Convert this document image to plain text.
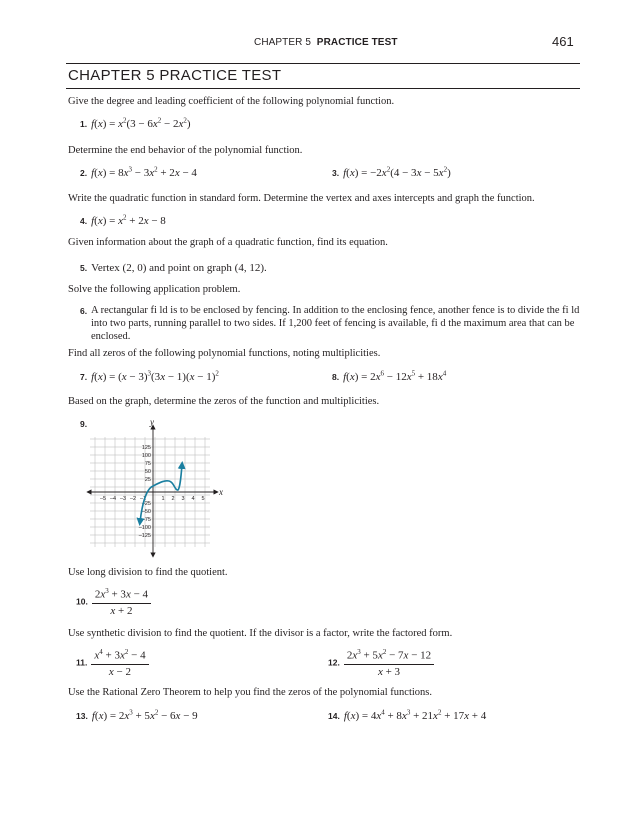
CHAPTER 5 PRACTICE TEST	461
CHAPTER 5 PRACTICE TEST
Give the degree and leading coefficient of the following polynomial function.
1. $f(x) = x^2(3 - 6x^2 - 2x^2)$
Determine the end behavior of the polynomial function.
2. $f(x) = 8x^3 - 3x^2 + 2x - 4$	3. $f(x) = -2x^2(4 - 3x - 5x^2)$
Write the quadratic function in standard form. Determine the vertex and axes intercepts and graph the function.
4. $f(x) = x^2 + 2x - 8$
Given information about the graph of a quadratic function, find its equation.
5. Vertex (2, 0) and point on graph (4, 12).
Solve the following application problem.
6. A rectangular fi ld is to be enclosed by fencing. In addition to the enclosing fence, another fence is to divide the fi ld into two parts, running parallel to two sides. If 1,200 feet of fencing is available, fi d the maximum area that can be enclosed.
Find all zeros of the following polynomial functions, noting multiplicities.
7. $f(x) = (x - 3)^3(3x - 1)(x - 1)^2$	8. $f(x) = 2x^6 - 12x^5 + 18x^4$
Based on the graph, determine the zeros of the function and multiplicities.
9.
x
y
125
100
75
50
25
–25
–50
–75
–100
–125
–5 –4 –3 –2 –1	1 2 3 4 5
Use long division to find the quotient.
10. $\frac{2x^3 + 3x - 4}{x + 2}$
Use synthetic division to find the quotient. If the divisor is a factor, write the factored form.
11. $\frac{x^4 + 3x^2 - 4}{x - 2}$	12. $\frac{2x^3 + 5x^2 - 7x - 12}{x + 3}$
Use the Rational Zero Theorem to help you find the zeros of the polynomial functions.
13. $f(x) = 2x^3 + 5x^2 - 6x - 9$	14. $f(x) = 4x^4 + 8x^3 + 21x^2 + 17x + 4$
